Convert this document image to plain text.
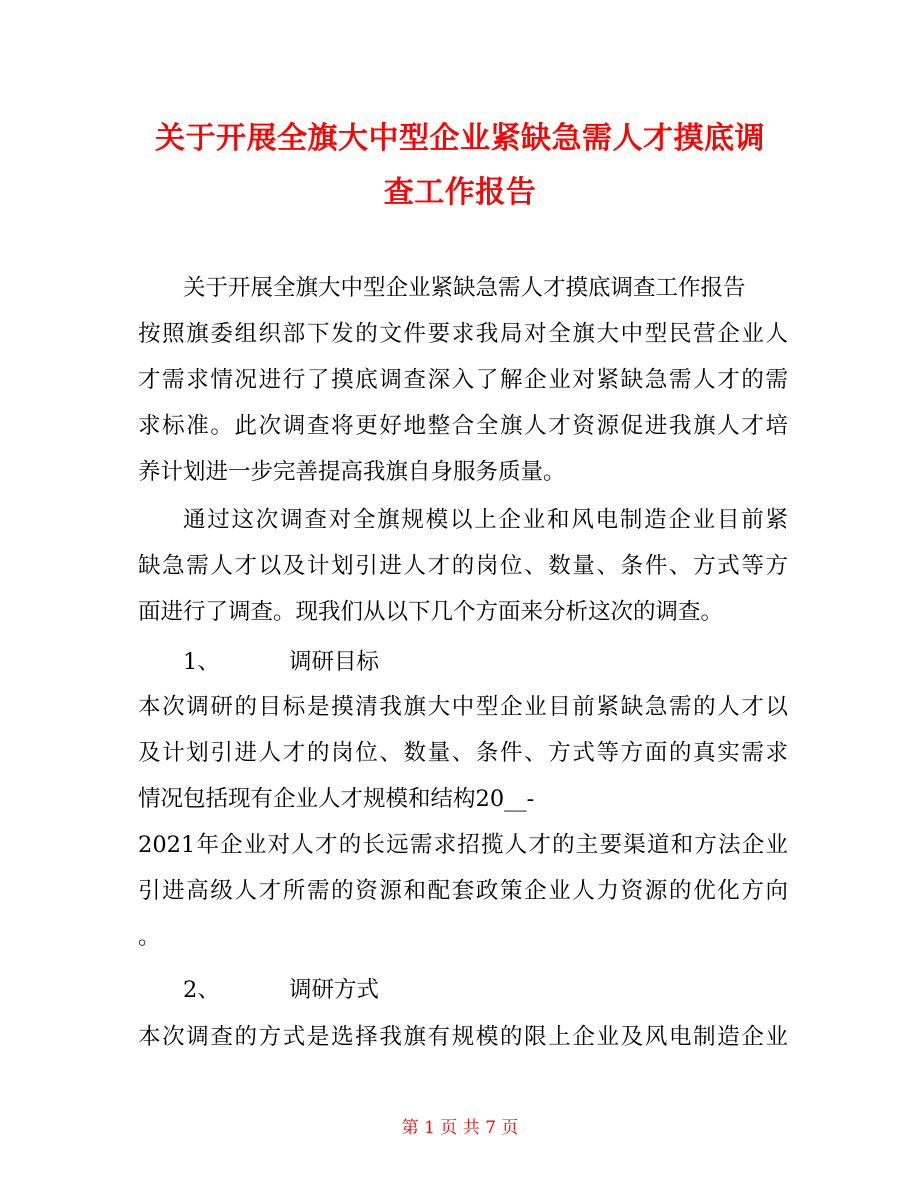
关于开展全旗大中型企业紧缺急需人才摸底调
查工作报告
关于开展全旗大中型企业紧缺急需人才摸底调查工作报告
按照旗委组织部下发的文件要求我局对全旗大中型民营企业人
才需求情况进行了摸底调查深入了解企业对紧缺急需人才的需
求标准。此次调查将更好地整合全旗人才资源促进我旗人才培
养计划进一步完善提高我旗自身服务质量。
通过这次调查对全旗规模以上企业和风电制造企业目前紧
缺急需人才以及计划引进人才的岗位、数量、条件、方式等方
面进行了调查。现我们从以下几个方面来分析这次的调查。
1、	调研目标
本次调研的目标是摸清我旗大中型企业目前紧缺急需的人才以
及计划引进人才的岗位、数量、条件、方式等方面的真实需求
情况包括现有企业人才规模和结构20__-
2021年企业对人才的长远需求招揽人才的主要渠道和方法企业
引进高级人才所需的资源和配套政策企业人力资源的优化方向
。
2、	调研方式
本次调查的方式是选择我旗有规模的限上企业及风电制造企业
第 1 页 共 7 页
